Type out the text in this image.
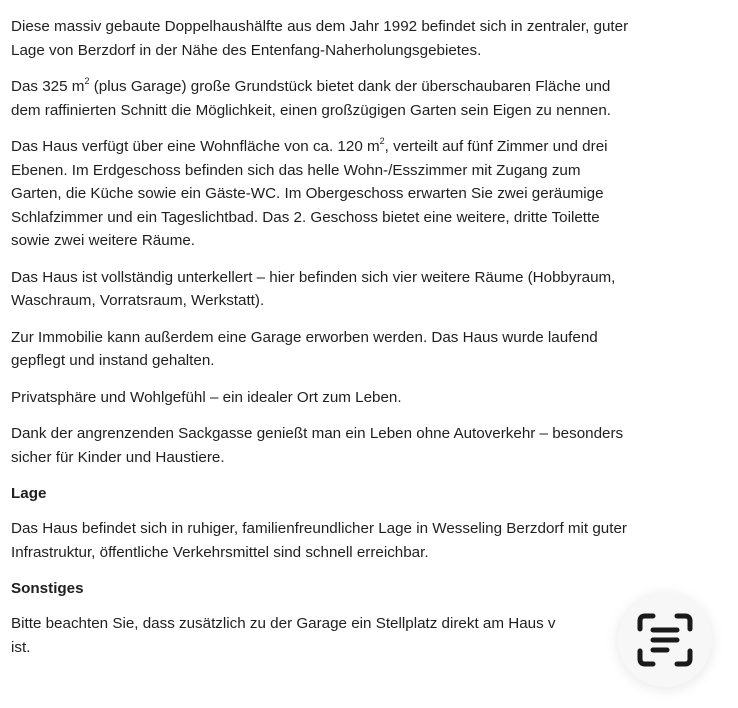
Diese massiv gebaute Doppelhaushälfte aus dem Jahr 1992 befindet sich in zentraler, guter
Lage von Berzdorf in der Nähe des Entenfang-Naherholungsgebietes.

Das 325 $m^2$ (plus Garage) große Grundstück bietet dank der überschaubaren Fläche und
dem raffinierten Schnitt die Möglichkeit, einen großzügigen Garten sein Eigen zu nennen.

Das Haus verfügt über eine Wohnfläche von ca. 120 $m^2$, verteilt auf fünf Zimmer und drei
Ebenen. Im Erdgeschoss befinden sich das helle Wohn-/Esszimmer mit Zugang zum
Garten, die Küche sowie ein Gäste-WC. Im Obergeschoss erwarten Sie zwei geräumige
Schlafzimmer und ein Tageslichtbad. Das 2. Geschoss bietet eine weitere, dritte Toilette
sowie zwei weitere Räume.

Das Haus ist vollständig unterkellert – hier befinden sich vier weitere Räume (Hobbyraum,
Waschraum, Vorratsraum, Werkstatt).

Zur Immobilie kann außerdem eine Garage erworben werden. Das Haus wurde laufend
gepflegt und instand gehalten.

Privatsphäre und Wohlgefühl – ein idealer Ort zum Leben.

Dank der angrenzenden Sackgasse genießt man ein Leben ohne Autoverkehr – besonders
sicher für Kinder und Haustiere.

Lage

Das Haus befindet sich in ruhiger, familienfreundlicher Lage in Wesseling Berzdorf mit guter
Infrastruktur, öffentliche Verkehrsmittel sind schnell erreichbar.

Sonstiges

Bitte beachten Sie, dass zusätzlich zu der Garage ein Stellplatz direkt am Haus v
ist.
